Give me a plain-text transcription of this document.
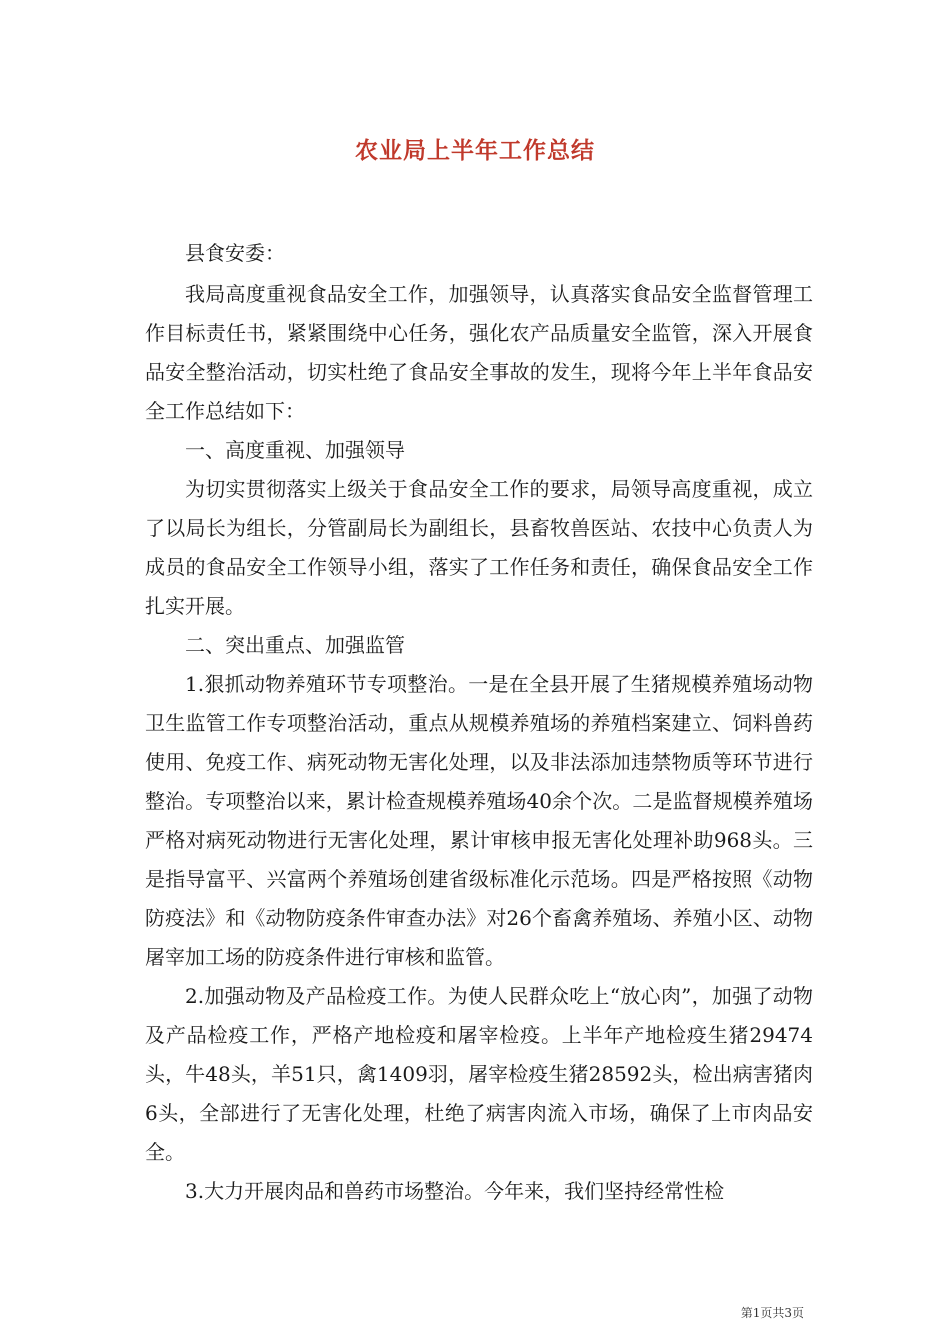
农业局上半年工作总结

县食安委：

我局高度重视食品安全工作，加强领导，认真落实食品安全监督管理工作目标责任书，紧紧围绕中心任务，强化农产品质量安全监管，深入开展食品安全整治活动，切实杜绝了食品安全事故的发生，现将今年上半年食品安全工作总结如下：

一、高度重视、加强领导

为切实贯彻落实上级关于食品安全工作的要求，局领导高度重视，成立了以局长为组长，分管副局长为副组长，县畜牧兽医站、农技中心负责人为成员的食品安全工作领导小组，落实了工作任务和责任，确保食品安全工作扎实开展。

二、突出重点、加强监管

1.狠抓动物养殖环节专项整治。一是在全县开展了生猪规模养殖场动物卫生监管工作专项整治活动，重点从规模养殖场的养殖档案建立、饲料兽药使用、免疫工作、病死动物无害化处理，以及非法添加违禁物质等环节进行整治。专项整治以来，累计检查规模养殖场40余个次。二是监督规模养殖场严格对病死动物进行无害化处理，累计审核申报无害化处理补助968头。三是指导富平、兴富两个养殖场创建省级标准化示范场。四是严格按照《动物防疫法》和《动物防疫条件审查办法》对26个畜禽养殖场、养殖小区、动物屠宰加工场的防疫条件进行审核和监管。

2.加强动物及产品检疫工作。为使人民群众吃上“放心肉”，加强了动物及产品检疫工作，严格产地检疫和屠宰检疫。上半年产地检疫生猪29474头，牛48头，羊51只，禽1409羽，屠宰检疫生猪28592头，检出病害猪肉6头，全部进行了无害化处理，杜绝了病害肉流入市场，确保了上市肉品安全。

3.大力开展肉品和兽药市场整治。今年来，我们坚持经常性检

第1页共3页
